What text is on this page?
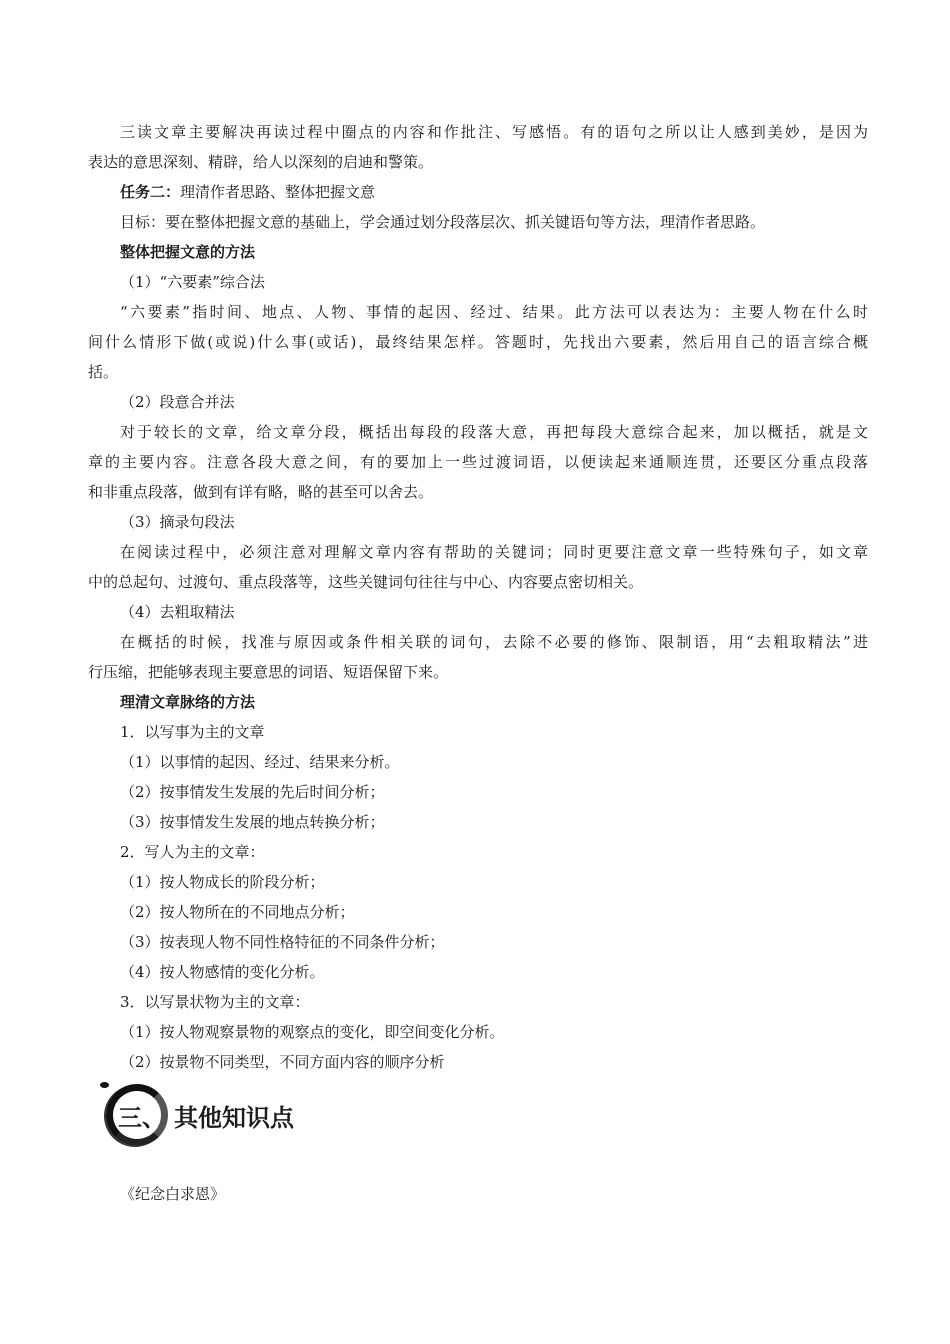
三读文章主要解决再读过程中圈点的内容和作批注、写感悟。有的语句之所以让人感到美妙，是因为

表达的意思深刻、精辟，给人以深刻的启迪和警策。

任务二：理清作者思路、整体把握文意

目标：要在整体把握文意的基础上，学会通过划分段落层次、抓关键语句等方法，理清作者思路。

整体把握文意的方法

（1）“六要素”综合法

“六要素”指时间、地点、人物、事情的起因、经过、结果。此方法可以表达为：主要人物在什么时

间什么情形下做(或说)什么事(或话)，最终结果怎样。答题时，先找出六要素，然后用自己的语言综合概

括。

（2）段意合并法

对于较长的文章，给文章分段，概括出每段的段落大意，再把每段大意综合起来，加以概括，就是文

章的主要内容。注意各段大意之间，有的要加上一些过渡词语，以便读起来通顺连贯，还要区分重点段落

和非重点段落，做到有详有略，略的甚至可以舍去。

（3）摘录句段法

在阅读过程中，必须注意对理解文章内容有帮助的关键词；同时更要注意文章一些特殊句子，如文章

中的总起句、过渡句、重点段落等，这些关键词句往往与中心、内容要点密切相关。

（4）去粗取精法

在概括的时候，找准与原因或条件相关联的词句，去除不必要的修饰、限制语，用“去粗取精法”进

行压缩，把能够表现主要意思的词语、短语保留下来。

理清文章脉络的方法

1．以写事为主的文章

（1）以事情的起因、经过、结果来分析。

（2）按事情发生发展的先后时间分析；

（3）按事情发生发展的地点转换分析；

2．写人为主的文章：

（1）按人物成长的阶段分析；

（2）按人物所在的不同地点分析；

（3）按表现人物不同性格特征的不同条件分析；

（4）按人物感情的变化分析。

3．以写景状物为主的文章：

（1）按人物观察景物的观察点的变化，即空间变化分析。

（2）按景物不同类型，不同方面内容的顺序分析

三、 其他知识点
《纪念白求恩》
